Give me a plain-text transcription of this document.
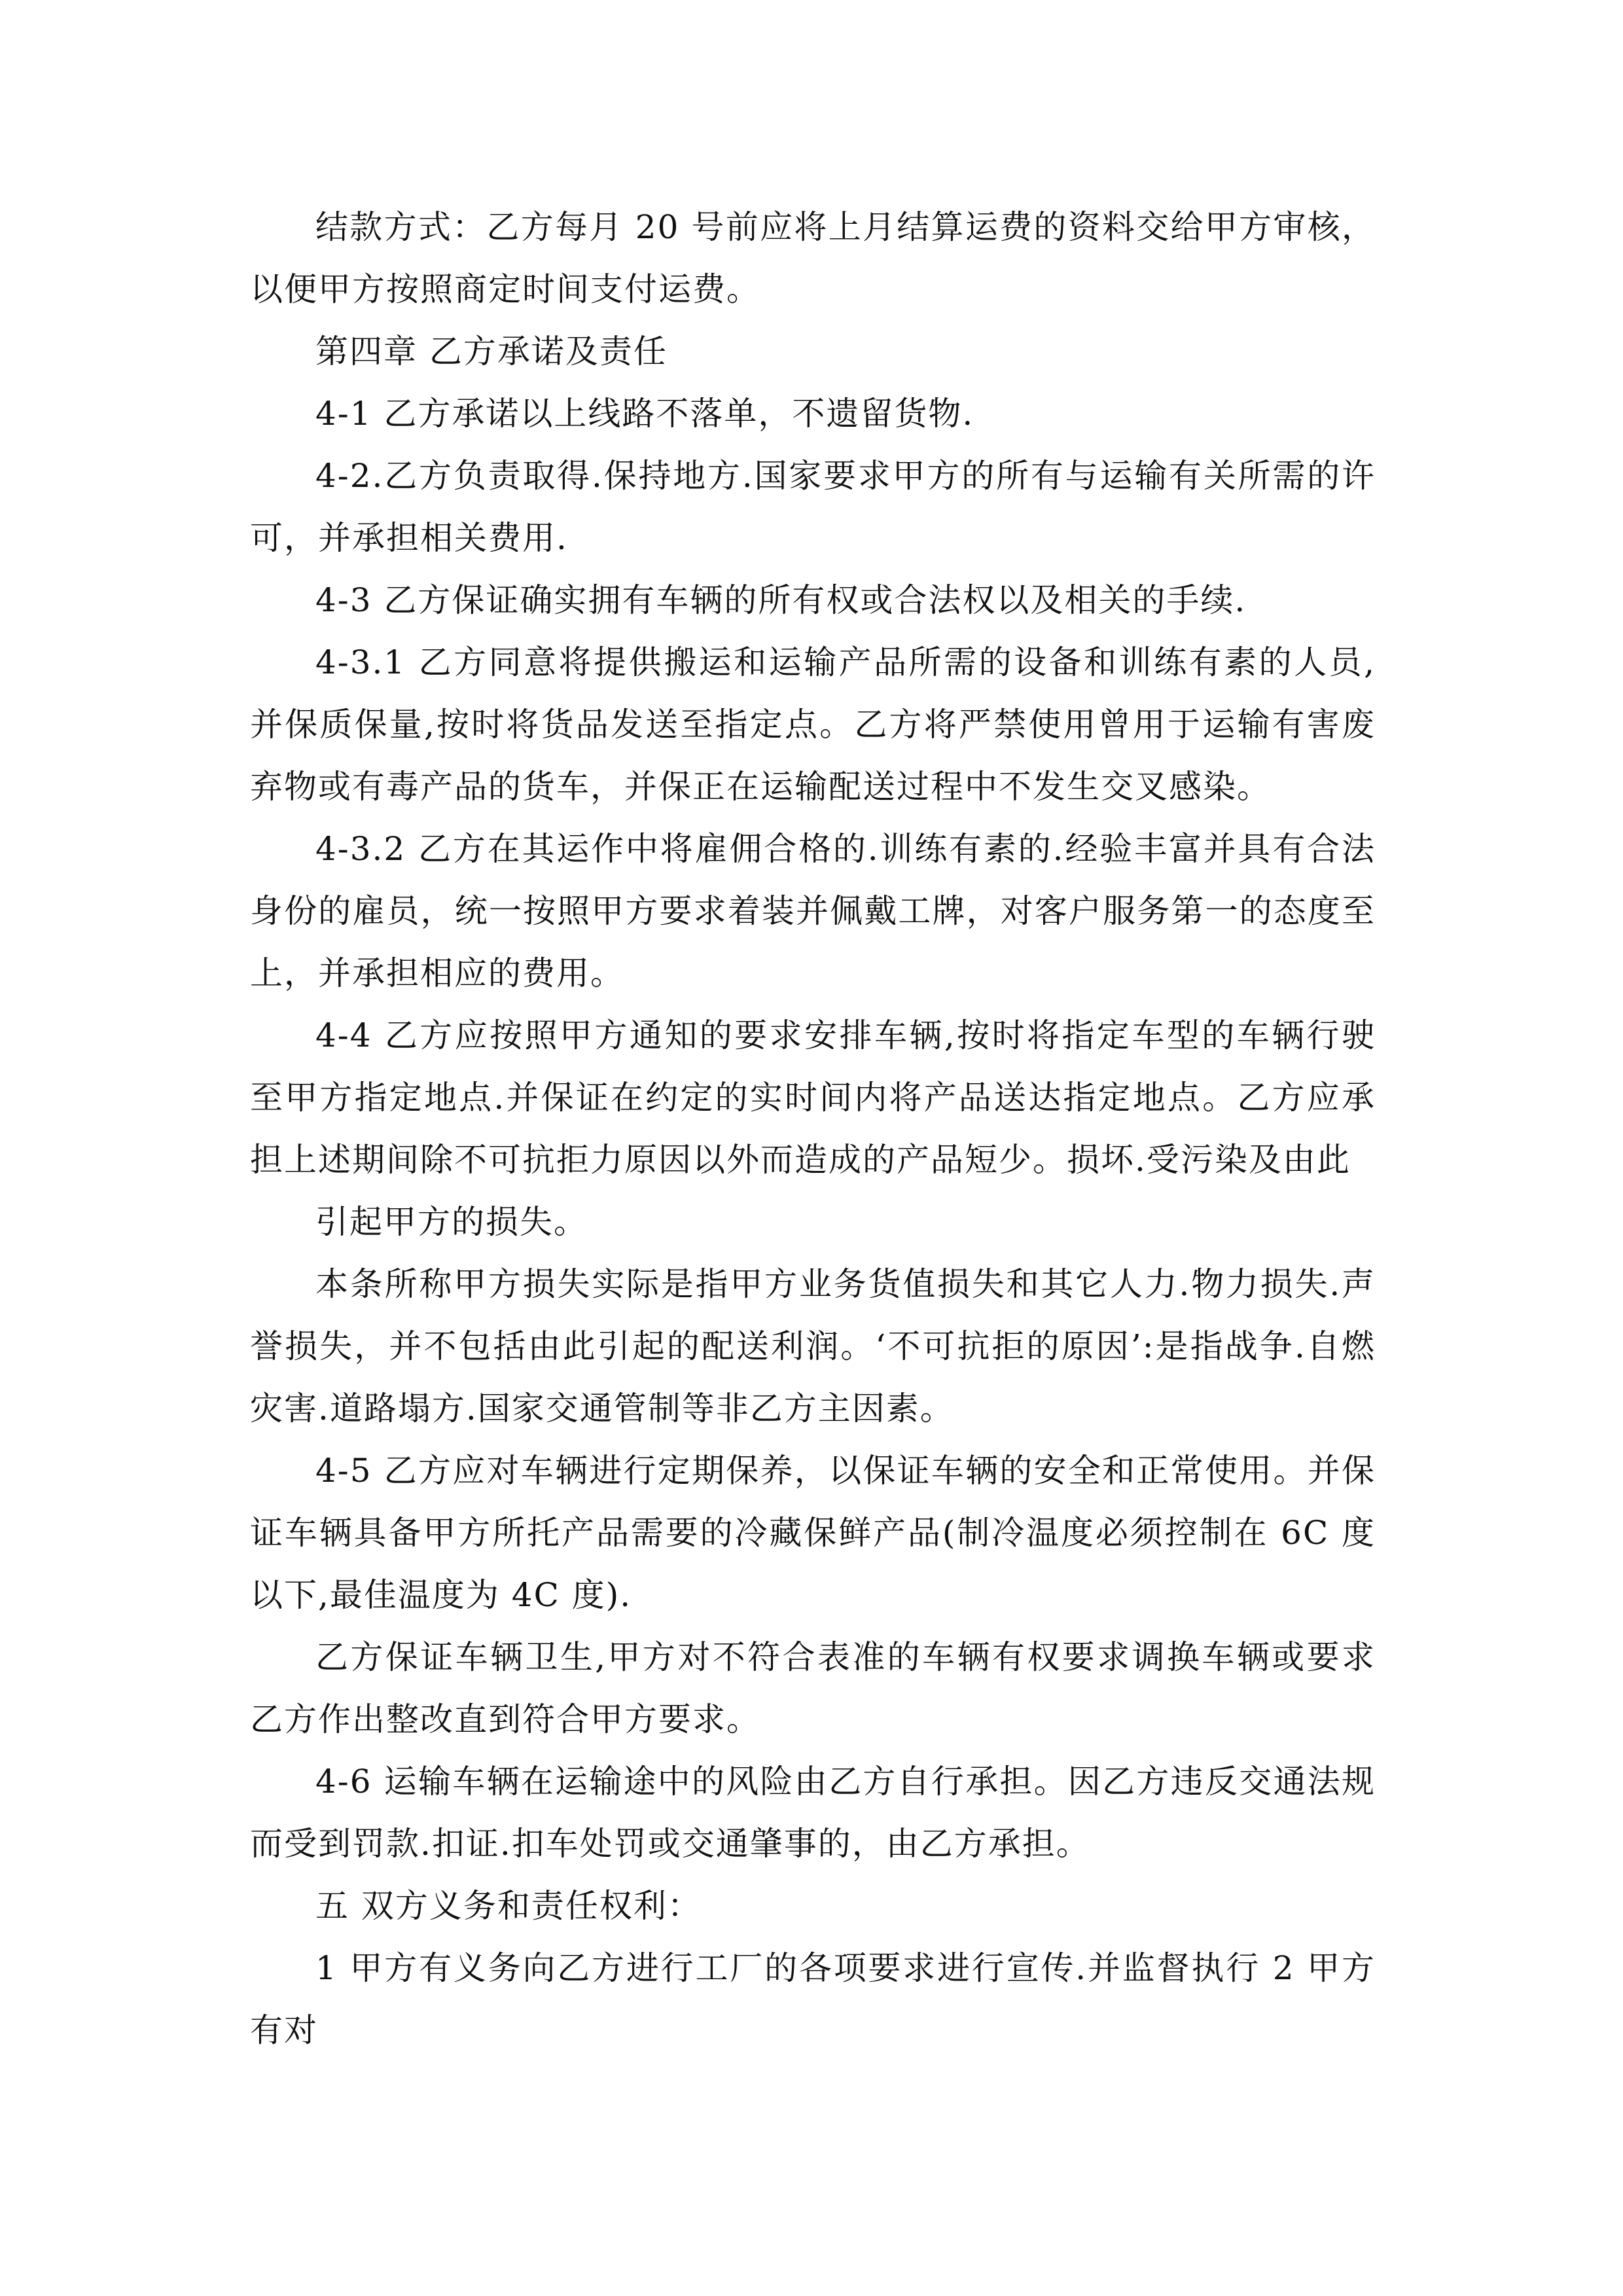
结款方式：乙方每月 20 号前应将上月结算运费的资料交给甲方审核，以便甲方按照商定时间支付运费。

第四章 乙方承诺及责任

4-1 乙方承诺以上线路不落单，不遗留货物.

4-2.乙方负责取得.保持地方.国家要求甲方的所有与运输有关所需的许可，并承担相关费用.

4-3 乙方保证确实拥有车辆的所有权或合法权以及相关的手续.

4-3.1 乙方同意将提供搬运和运输产品所需的设备和训练有素的人员,并保质保量,按时将货品发送至指定点。乙方将严禁使用曾用于运输有害废弃物或有毒产品的货车，并保正在运输配送过程中不发生交叉感染。

4-3.2 乙方在其运作中将雇佣合格的.训练有素的.经验丰富并具有合法身份的雇员，统一按照甲方要求着装并佩戴工牌，对客户服务第一的态度至上，并承担相应的费用。

4-4 乙方应按照甲方通知的要求安排车辆,按时将指定车型的车辆行驶至甲方指定地点.并保证在约定的实时间内将产品送达指定地点。乙方应承担上述期间除不可抗拒力原因以外而造成的产品短少。损坏.受污染及由此

引起甲方的损失。

本条所称甲方损失实际是指甲方业务货值损失和其它人力.物力损失.声誉损失，并不包括由此引起的配送利润。‘不可抗拒的原因’:是指战争.自燃灾害.道路塌方.国家交通管制等非乙方主因素。

4-5 乙方应对车辆进行定期保养，以保证车辆的安全和正常使用。并保证车辆具备甲方所托产品需要的冷藏保鲜产品(制冷温度必须控制在 6C 度以下,最佳温度为 4C 度).

乙方保证车辆卫生,甲方对不符合表准的车辆有权要求调换车辆或要求乙方作出整改直到符合甲方要求。

4-6 运输车辆在运输途中的风险由乙方自行承担。因乙方违反交通法规而受到罚款.扣证.扣车处罚或交通肇事的，由乙方承担。

五 双方义务和责任权利：

1 甲方有义务向乙方进行工厂的各项要求进行宣传.并监督执行 2 甲方有对
